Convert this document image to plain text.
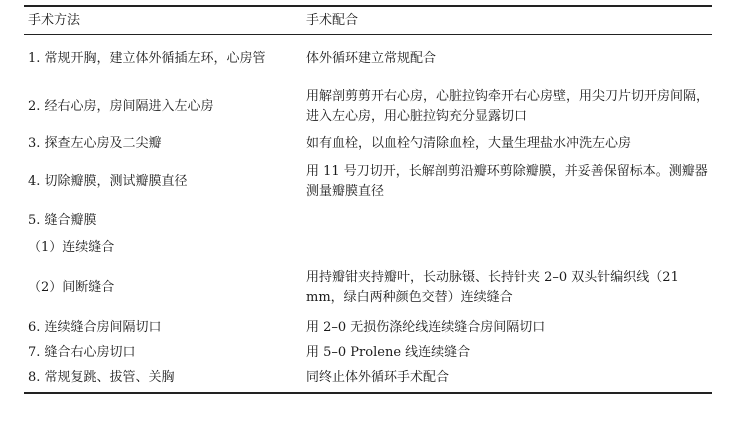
手术方法	手术配合
1. 常规开胸，建立体外循插左环，心房管	体外循环建立常规配合
2. 经右心房，房间隔进入左心房	用解剖剪剪开右心房，心脏拉钩牵开右心房壁，用尖刀片切开房间隔，进入左心房，用心脏拉钩充分显露切口
3. 探查左心房及二尖瓣	如有血栓，以血栓勺清除血栓，大量生理盐水冲洗左心房
4. 切除瓣膜，测试瓣膜直径	用 11 号刀切开，长解剖剪沿瓣环剪除瓣膜，并妥善保留标本。测瓣器测量瓣膜直径
5. 缝合瓣膜	
（1）连续缝合	
（2）间断缝合	用持瓣钳夹持瓣叶，长动脉镊、长持针夹 2–0 双头针编织线（21 mm，绿白两种颜色交替）连续缝合
6. 连续缝合房间隔切口	用 2–0 无损伤涤纶线连续缝合房间隔切口
7. 缝合右心房切口	用 5–0 Prolene 线连续缝合
8. 常规复跳、拔管、关胸	同终止体外循环手术配合
